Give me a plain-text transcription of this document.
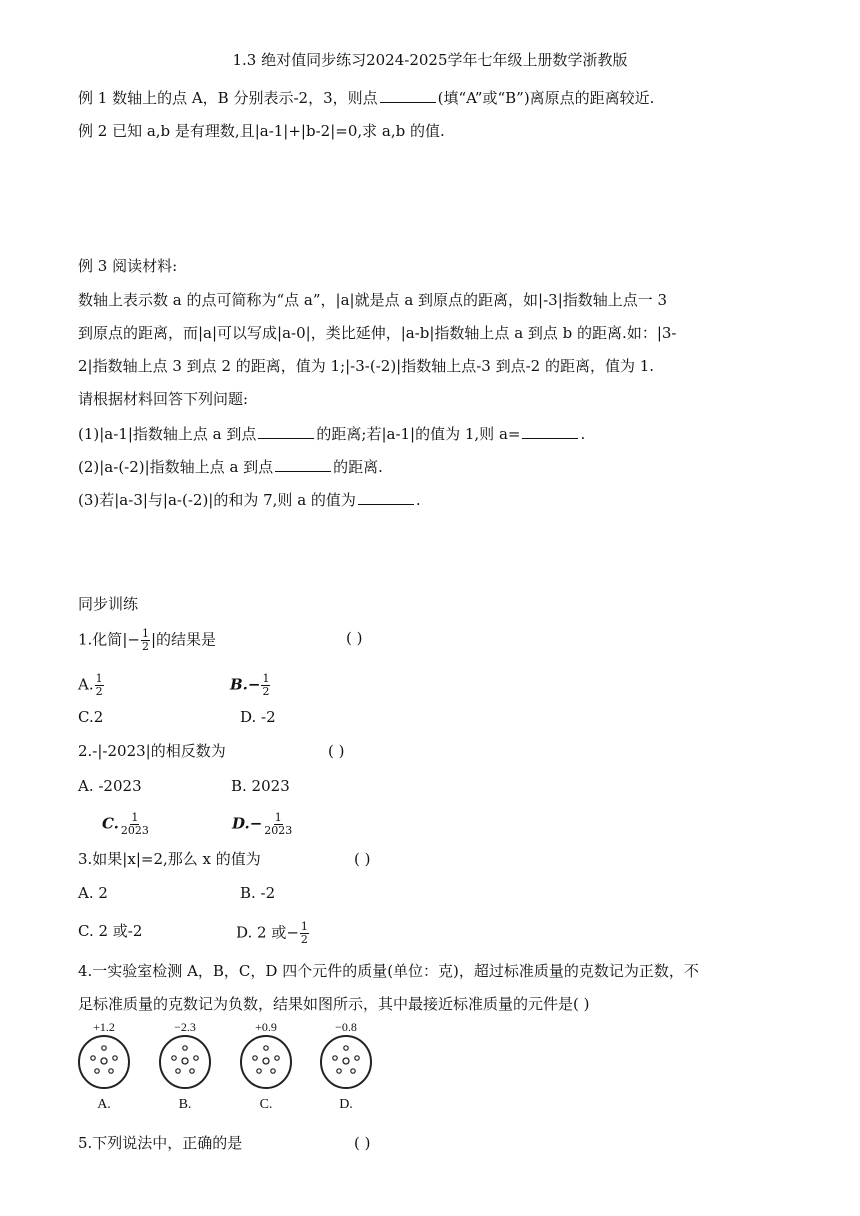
1.3 绝对值同步练习2024-2025学年七年级上册数学浙教版
例 1 数轴上的点 A，B 分别表示-2，3，则点	(填“A”或“B”)离原点的距离较近.
例 2 已知 a,b 是有理数,且|a-1|+|b-2|=0,求 a,b 的值.
例 3 阅读材料:
数轴上表示数 a 的点可简称为“点 a”，|a|就是点 a 到原点的距离，如|-3|指数轴上点一 3
到原点的距离，而|a|可以写成|a-0|，类比延伸，|a-b|指数轴上点 a 到点 b 的距离.如：|3-
2|指数轴上点 3 到点 2 的距离，值为 1;|-3-(-2)|指数轴上点-3 到点-2 的距离，值为 1.
请根据材料回答下列问题:
(1)|a-1|指数轴上点 a 到点	的距离;若|a-1|的值为 1,则 a=	.
(2)|a-(-2)|指数轴上点 a 到点	的距离.
(3)若|a-3|与|a-(-2)|的和为 7,则 a 的值为	.
同步训练
1.化简|− $\frac{1}{2}$ |的结果是	( )
A. $\frac{1}{2}$	$B.- \frac{1}{2}$
C.2	D. -2
2.-|-2023|的相反数为	( )
A. -2023	B. 2023
C. $\frac{1}{2023}$	$D.- \frac{1}{2023}$
3.如果|x|=2,那么 x 的值为	( )
A. 2	B. -2
C. 2 或-2	D. 2 或− $\frac{1}{2}$
4.一实验室检测 A，B，C，D 四个元件的质量(单位：克)，超过标准质量的克数记为正数，不
足标准质量的克数记为负数，结果如图所示，其中最接近标准质量的元件是( )
+1.2
A.
−2.3
B.
+0.9
C.
−0.8
D.
5.下列说法中，正确的是	( )
